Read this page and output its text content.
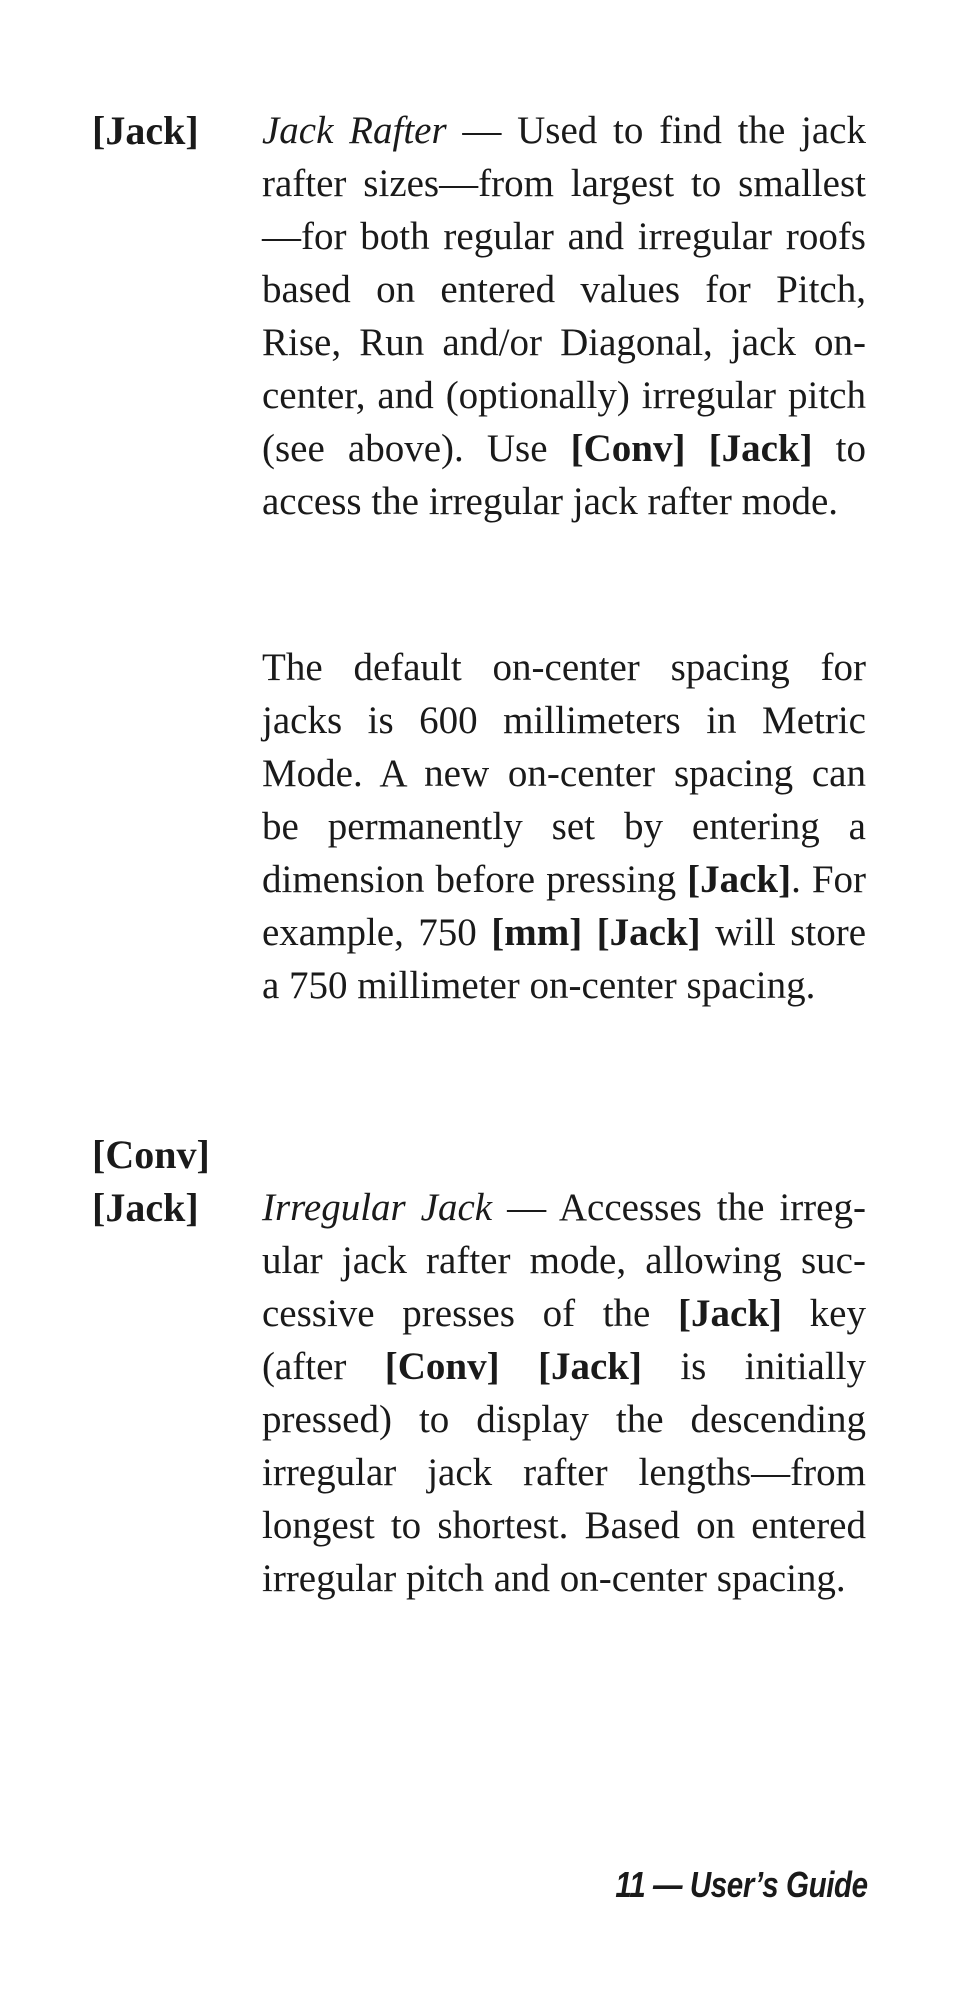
[Jack] Jack Rafter — Used to find the jack rafter sizes—from largest to smallest—for both regular and irregular roofs based on entered values for Pitch, Rise, Run and/or Diagonal, jack on-center, and (optionally) irregular pitch (see above). Use [Conv] [Jack] to access the irregular jack rafter mode.

The default on-center spacing for jacks is 600 millimeters in Metric Mode. A new on-center spacing can be permanently set by entering a dimension before pressing [Jack]. For example, 750 [mm] [Jack] will store a 750 millimeter on-center spacing.

[Conv]
[Jack] Irregular Jack — Accesses the irregular jack rafter mode, allowing successive presses of the [Jack] key (after [Conv] [Jack] is initially pressed) to display the descending irregular jack rafter lengths—from longest to shortest. Based on entered irregular pitch and on-center spacing.

11 — User’s Guide
